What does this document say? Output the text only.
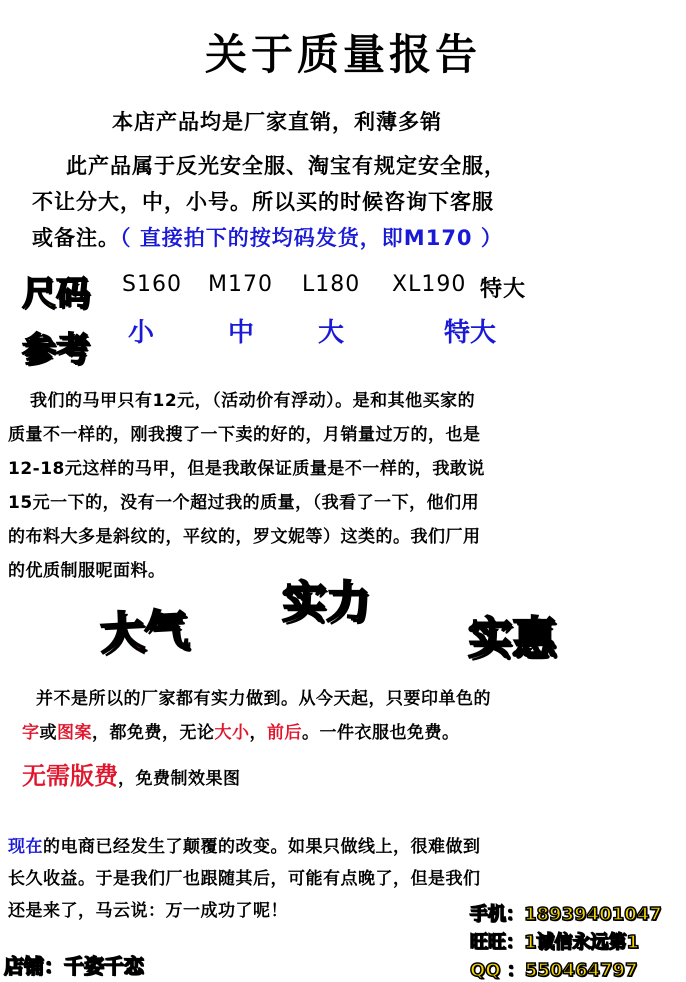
关于质量报告
本店产品均是厂家直销，利薄多销
此产品属于反光安全服、淘宝有规定安全服，
不让分大，中，小号。所以买的时候咨询下客服
或备注。（ 直接拍下的按均码发货，即M170 ）
尺码
参考
S160 M170 L180 XL190 特大
小	中 大	特大
我们的马甲只有12元，（活动价有浮动）。是和其他买家的
质量不一样的，刚我搜了一下卖的好的，月销量过万的，也是
12-18元这样的马甲，但是我敢保证质量是不一样的，我敢说
15元一下的，没有一个超过我的质量，（我看了一下，他们用
的布料大多是斜纹的，平纹的，罗文妮等）这类的。我们厂用
的优质制服呢面料。
大气
实力
实惠
并不是所以的厂家都有实力做到。从今天起，只要印单色的
字或图案，都免费，无论大小，前后。一件衣服也免费。
无需版费，免费制效果图
现在的电商已经发生了颠覆的改变。如果只做线上，很难做到
长久收益。于是我们厂也跟随其后，可能有点晚了，但是我们
还是来了，马云说：万一成功了呢！	手机：18939401047
旺旺：1诚信永远第1
QQ ：550464797
店铺：千姿千恋
